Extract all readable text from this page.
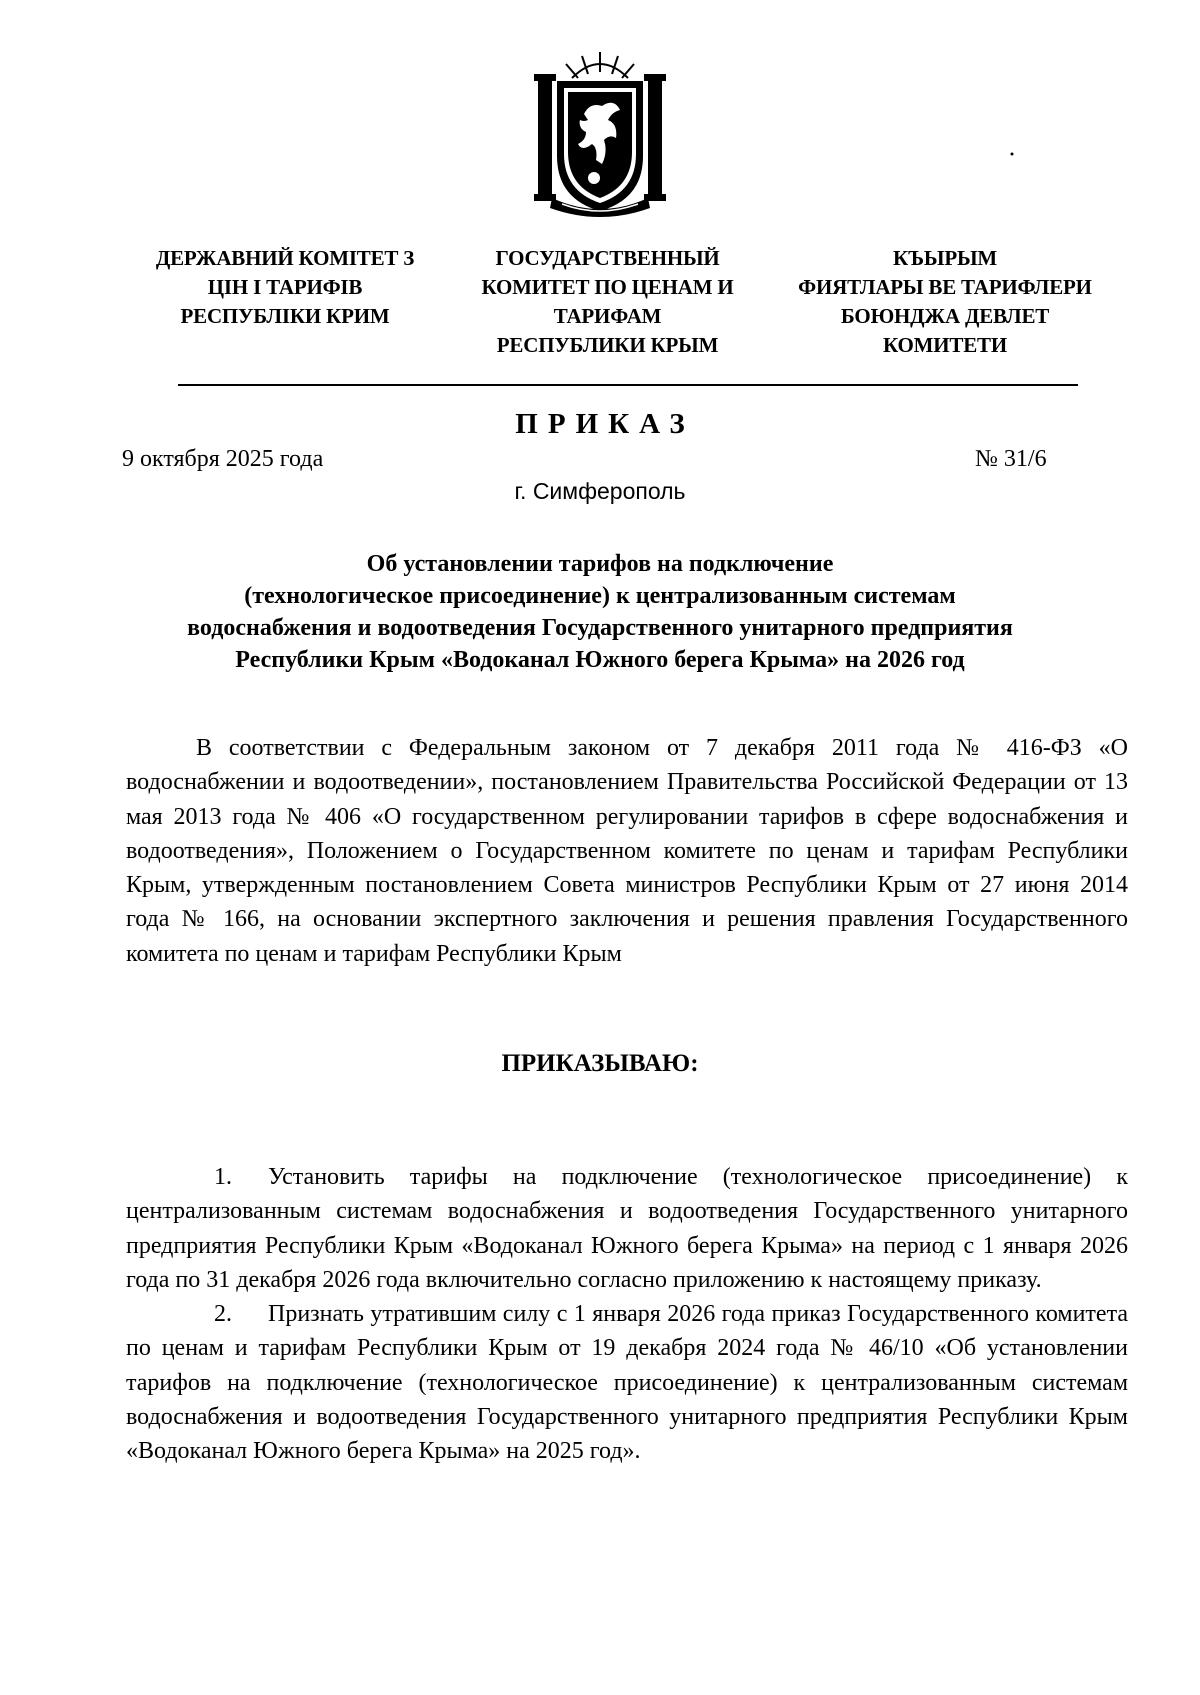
ДЕРЖАВНИЙ КОМІТЕТ З
ЦІН І ТАРИФІВ
РЕСПУБЛІКИ КРИМ
ГОСУДАРСТВЕННЫЙ
КОМИТЕТ ПО ЦЕНАМ И
ТАРИФАМ
РЕСПУБЛИКИ КРЫМ
КЪЫРЫМ
ФИЯТЛАРЫ ВЕ ТАРИФЛЕРИ
БОЮНДЖА ДЕВЛЕТ
КОМИТЕТИ
ПРИКАЗ
9 октября 2025 года	№ 31/6
г. Симферополь
Об установлении тарифов на подключение
(технологическое присоединение) к централизованным системам
водоснабжения и водоотведения Государственного унитарного предприятия
Республики Крым «Водоканал Южного берега Крыма» на 2026 год
В соответствии с Федеральным законом от 7 декабря 2011 года № 416-ФЗ «О водоснабжении и водоотведении», постановлением Правительства Российской Федерации от 13 мая 2013 года № 406 «О государственном регулировании тарифов в сфере водоснабжения и водоотведения», Положением о Государственном комитете по ценам и тарифам Республики Крым, утвержденным постановлением Совета министров Республики Крым от 27 июня 2014 года № 166, на основании экспертного заключения и решения правления Государственного комитета по ценам и тарифам Республики Крым
ПРИКАЗЫВАЮ:
1. Установить тарифы на подключение (технологическое присоединение) к централизованным системам водоснабжения и водоотведения Государственного унитарного предприятия Республики Крым «Водоканал Южного берега Крыма» на период с 1 января 2026 года по 31 декабря 2026 года включительно согласно приложению к настоящему приказу.
2. Признать утратившим силу с 1 января 2026 года приказ Государственного комитета по ценам и тарифам Республики Крым от 19 декабря 2024 года № 46/10 «Об установлении тарифов на подключение (технологическое присоединение) к централизованным системам водоснабжения и водоотведения Государственного унитарного предприятия Республики Крым «Водоканал Южного берега Крыма» на 2025 год».
